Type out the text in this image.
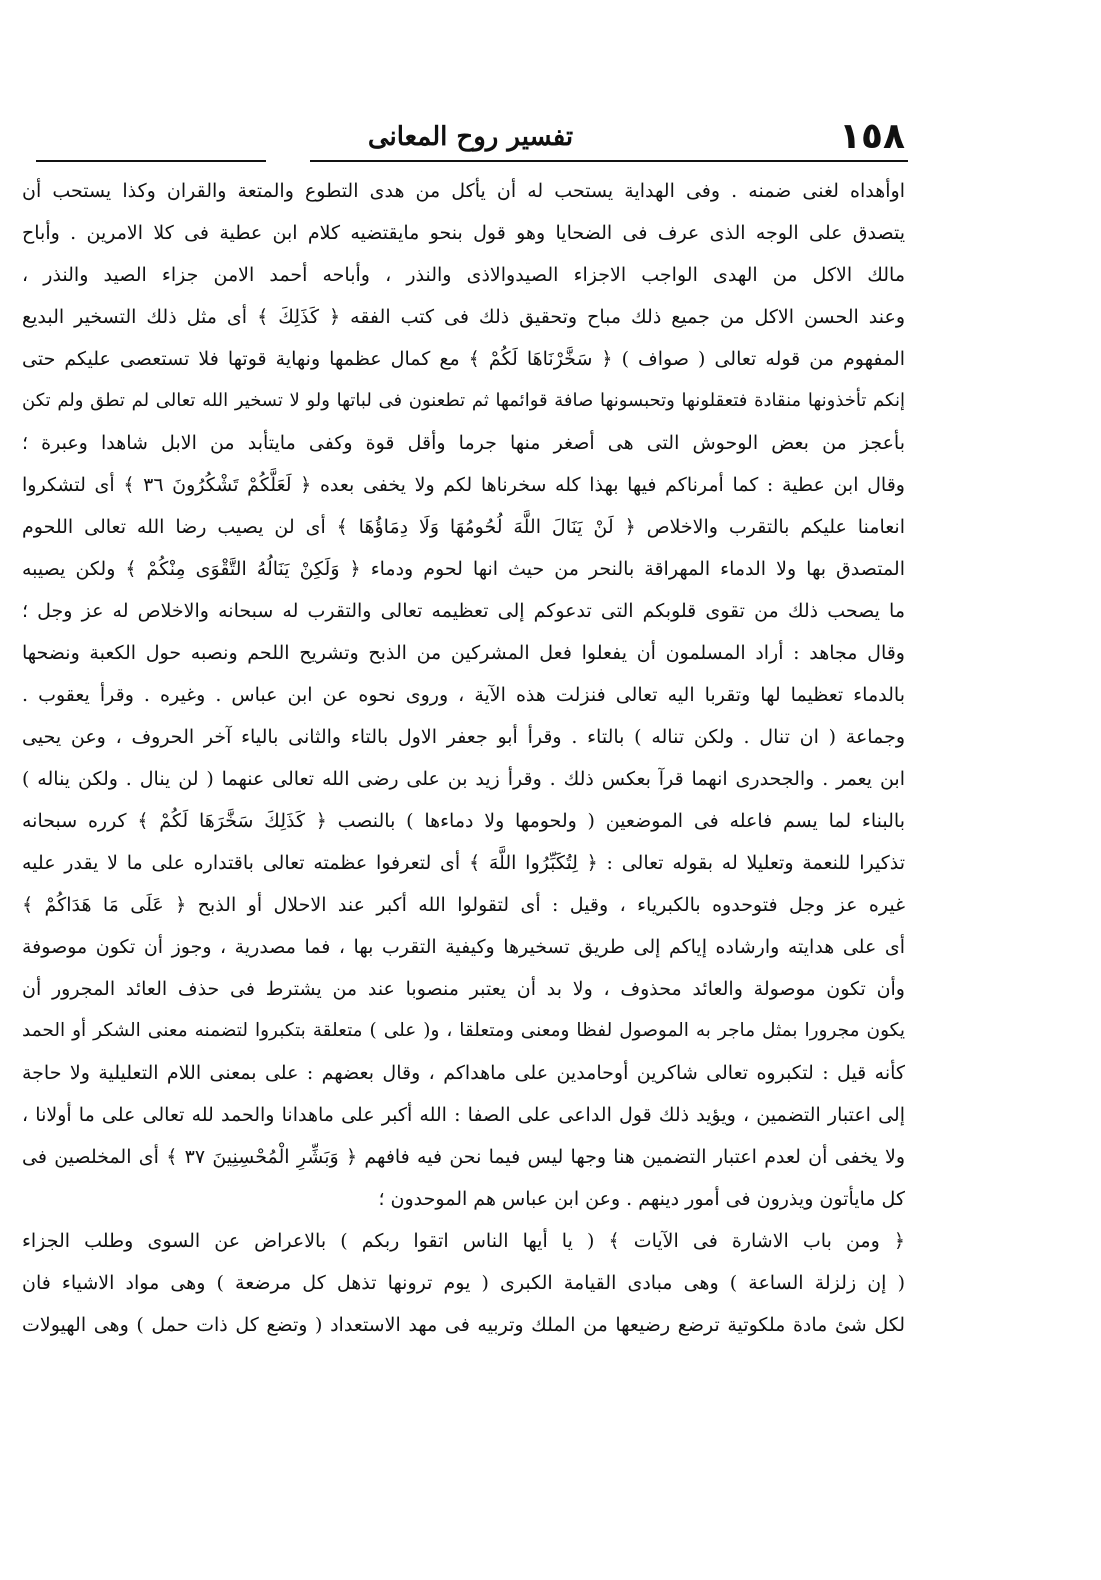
تفسير روح المعانى	١٥٨
اوأهداه لغنى ضمنه . وفى الهداية يستحب له أن يأكل من هدى التطوع والمتعة والقران وكذا يستحب أن
يتصدق على الوجه الذى عرف فى الضحايا وهو قول بنحو مايقتضيه كلام ابن عطية فى كلا الامرين . وأباح
مالك الاكل من الهدى الواجب الاجزاء الصيدوالاذى والنذر ، وأباحه أحمد الامن جزاء الصيد والنذر ،
وعند الحسن الاكل من جميع ذلك مباح وتحقيق ذلك فى كتب الفقه ﴿ كَذَلِكَ ﴾ أى مثل ذلك التسخير البديع
المفهوم من قوله تعالى ( صواف ) ﴿ سَخَّرْنَاهَا لَكُمْ ﴾ مع كمال عظمها ونهاية قوتها فلا تستعصى عليكم حتى
إنكم تأخذونها منقادة فتعقلونها وتحبسونها صافة قوائمها ثم تطعنون فى لباتها ولو لا تسخير الله تعالى لم تطق ولم تكن
بأعجز من بعض الوحوش التى هى أصغر منها جرما وأقل قوة وكفى مايتأبد من الابل شاهدا وعبرة ؛
وقال ابن عطية : كما أمرناكم فيها بهذا كله سخرناها لكم ولا يخفى بعده ﴿ لَعَلَّكُمْ تَشْكُرُونَ ٣٦ ﴾ أى لتشكروا
انعامنا عليكم بالتقرب والاخلاص ﴿ لَنْ يَنَالَ اللَّهَ لُحُومُهَا وَلَا دِمَاؤُهَا ﴾ أى لن يصيب رضا الله تعالى اللحوم
المتصدق بها ولا الدماء المهراقة بالنحر من حيث انها لحوم ودماء ﴿ وَلَكِنْ يَنَالُهُ التَّقْوَى مِنْكُمْ ﴾ ولكن يصيبه
ما يصحب ذلك من تقوى قلوبكم التى تدعوكم إلى تعظيمه تعالى والتقرب له سبحانه والاخلاص له عز وجل ؛
وقال مجاهد : أراد المسلمون أن يفعلوا فعل المشركين من الذبح وتشريح اللحم ونصبه حول الكعبة ونضحها
بالدماء تعظيما لها وتقربا اليه تعالى فنزلت هذه الآية ، وروى نحوه عن ابن عباس . وغيره . وقرأ يعقوب .
وجماعة ( ان تنال . ولكن تناله ) بالتاء . وقرأ أبو جعفر الاول بالتاء والثانى بالياء آخر الحروف ، وعن يحيى
ابن يعمر . والجحدرى انهما قرآ بعكس ذلك . وقرأ زيد بن على رضى الله تعالى عنهما ( لن ينال . ولكن يناله )
بالبناء لما يسم فاعله فى الموضعين ( ولحومها ولا دماءها ) بالنصب ﴿ كَذَلِكَ سَخَّرَهَا لَكُمْ ﴾ كرره سبحانه
تذكيرا للنعمة وتعليلا له بقوله تعالى : ﴿ لِتُكَبِّرُوا اللَّهَ ﴾ أى لتعرفوا عظمته تعالى باقتداره على ما لا يقدر عليه
غيره عز وجل فتوحدوه بالكبرياء ، وقيل : أى لتقولوا الله أكبر عند الاحلال أو الذبح ﴿ عَلَى مَا هَدَاكُمْ ﴾
أى على هدايته وارشاده إياكم إلى طريق تسخيرها وكيفية التقرب بها ، فما مصدرية ، وجوز أن تكون موصوفة
وأن تكون موصولة والعائد محذوف ، ولا بد أن يعتبر منصوبا عند من يشترط فى حذف العائد المجرور أن
يكون مجرورا بمثل ماجر به الموصول لفظا ومعنى ومتعلقا ، و( على ) متعلقة بتكبروا لتضمنه معنى الشكر أو الحمد
كأنه قيل : لتكبروه تعالى شاكرين أوحامدين على ماهداكم ، وقال بعضهم : على بمعنى اللام التعليلية ولا حاجة
إلى اعتبار التضمين ، ويؤيد ذلك قول الداعى على الصفا : الله أكبر على ماهدانا والحمد لله تعالى على ما أولانا ،
ولا يخفى أن لعدم اعتبار التضمين هنا وجها ليس فيما نحن فيه فافهم ﴿ وَبَشِّرِ الْمُحْسِنِينَ ٣٧ ﴾ أى المخلصين فى
كل مايأتون ويذرون فى أمور دينهم . وعن ابن عباس هم الموحدون ؛
﴿ ومن باب الاشارة فى الآيات ﴾ ( يا أيها الناس اتقوا ربكم ) بالاعراض عن السوى وطلب الجزاء
( إن زلزلة الساعة ) وهى مبادى القيامة الكبرى ( يوم ترونها تذهل كل مرضعة ) وهى مواد الاشياء فان
لكل شئ مادة ملكوتية ترضع رضيعها من الملك وتربيه فى مهد الاستعداد ( وتضع كل ذات حمل ) وهى الهيولات
